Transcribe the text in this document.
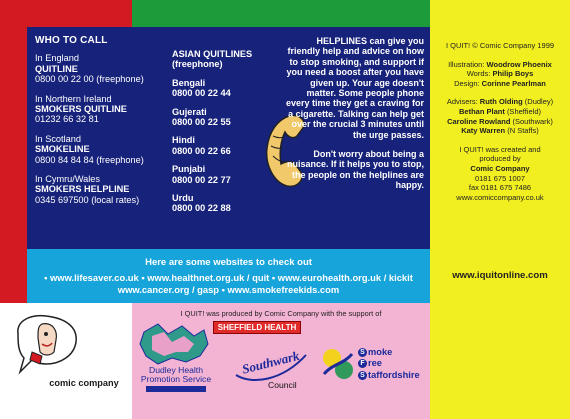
WHO TO CALL
In England
QUITLINE
0800 00 22 00 (freephone)
In Northern Ireland
SMOKERS QUITLINE
01232 66 32 81
In Scotland
SMOKELINE
0800 84 84 84 (freephone)
In Cymru/Wales
SMOKERS HELPLINE
0345 697500 (local rates)
ASIAN QUITLINES
(freephone)
Bengali
0800 00 22 44
Gujerati
0800 00 22 55
Hindi
0800 00 22 66
Punjabi
0800 00 22 77
Urdu
0800 00 22 88

HELPLINES can give you friendly help and advice on how to stop smoking, and support if you need a boost after you have given up. Your age doesn't matter. Some people phone every time they get a craving for a cigarette. Talking can help get over the crucial 3 minutes until the urge passes.

Don't worry about being a nuisance. If it helps you to stop, the people on the helplines are happy.

Here are some websites to check out
• www.lifesaver.co.uk • www.healthnet.org.uk / quit • www.eurohealth.org.uk / kickit
www.cancer.org / gasp • www.smokefreekids.com
I QUIT! © Comic Company 1999
Illustration: Woodrow Phoenix
Words: Philip Boys
Design: Corinne Pearlman
Advisers: Ruth Olding (Dudley)
Bethan Plant (Sheffield)
Caroline Rowland (Southwark)
Katy Warren (N Staffs)
I QUIT! was created and
produced by
Comic Company
0181 675 1007
fax 0181 675 7486
www.comiccompany.co.uk
www.iquitonline.com
I QUIT! was produced by Comic Company with the support of
Dudley Health
Promotion Service
SHEFFIELD HEALTH
Southwark
Council
S moke
F ree
S taffordshire
comic company
